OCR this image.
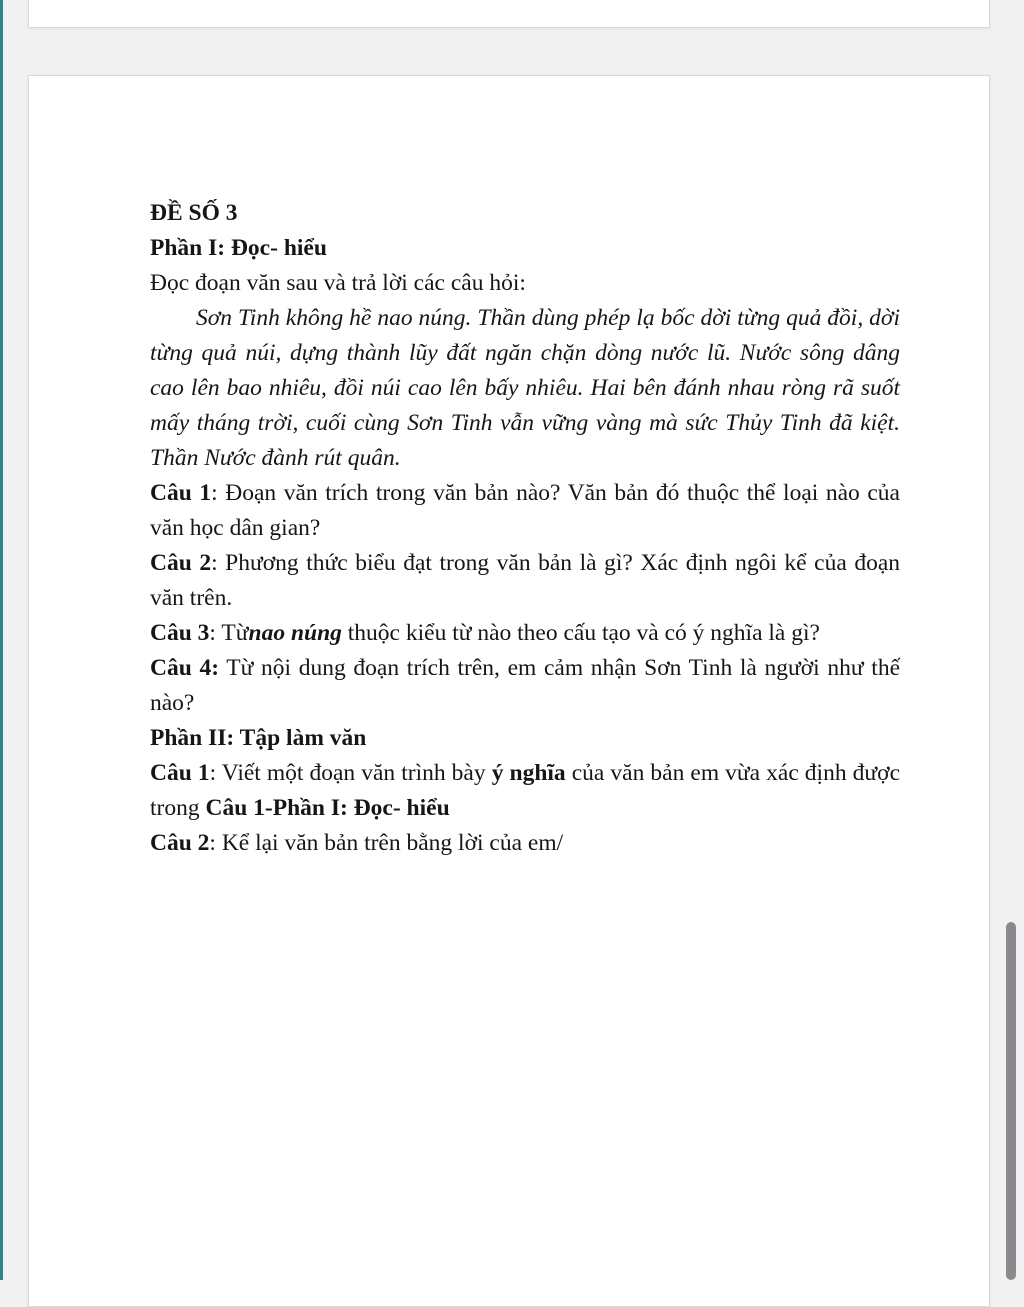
ĐỀ SỐ 3

Phần I: Đọc- hiểu

Đọc đoạn văn sau và trả lời các câu hỏi:

Sơn Tinh không hề nao núng. Thần dùng phép lạ bốc dời từng quả đồi, dời từng quả núi, dựng thành lũy đất ngăn chặn dòng nước lũ. Nước sông dâng cao lên bao nhiêu, đồi núi cao lên bấy nhiêu. Hai bên đánh nhau ròng rã suốt mấy tháng trời, cuối cùng Sơn Tinh vẫn vững vàng mà sức Thủy Tinh đã kiệt. Thần Nước đành rút quân.

Câu 1: Đoạn văn trích trong văn bản nào? Văn bản đó thuộc thể loại nào của văn học dân gian?

Câu 2: Phương thức biểu đạt trong văn bản là gì? Xác định ngôi kể của đoạn văn trên.

Câu 3: Từnao núng thuộc kiểu từ nào theo cấu tạo và có ý nghĩa là gì?

Câu 4: Từ nội dung đoạn trích trên, em cảm nhận Sơn Tinh là người như thế nào?

Phần II: Tập làm văn

Câu 1: Viết một đoạn văn trình bày ý nghĩa của văn bản em vừa xác định được trong Câu 1-Phần I: Đọc- hiểu

Câu 2: Kể lại văn bản trên bằng lời của em/
